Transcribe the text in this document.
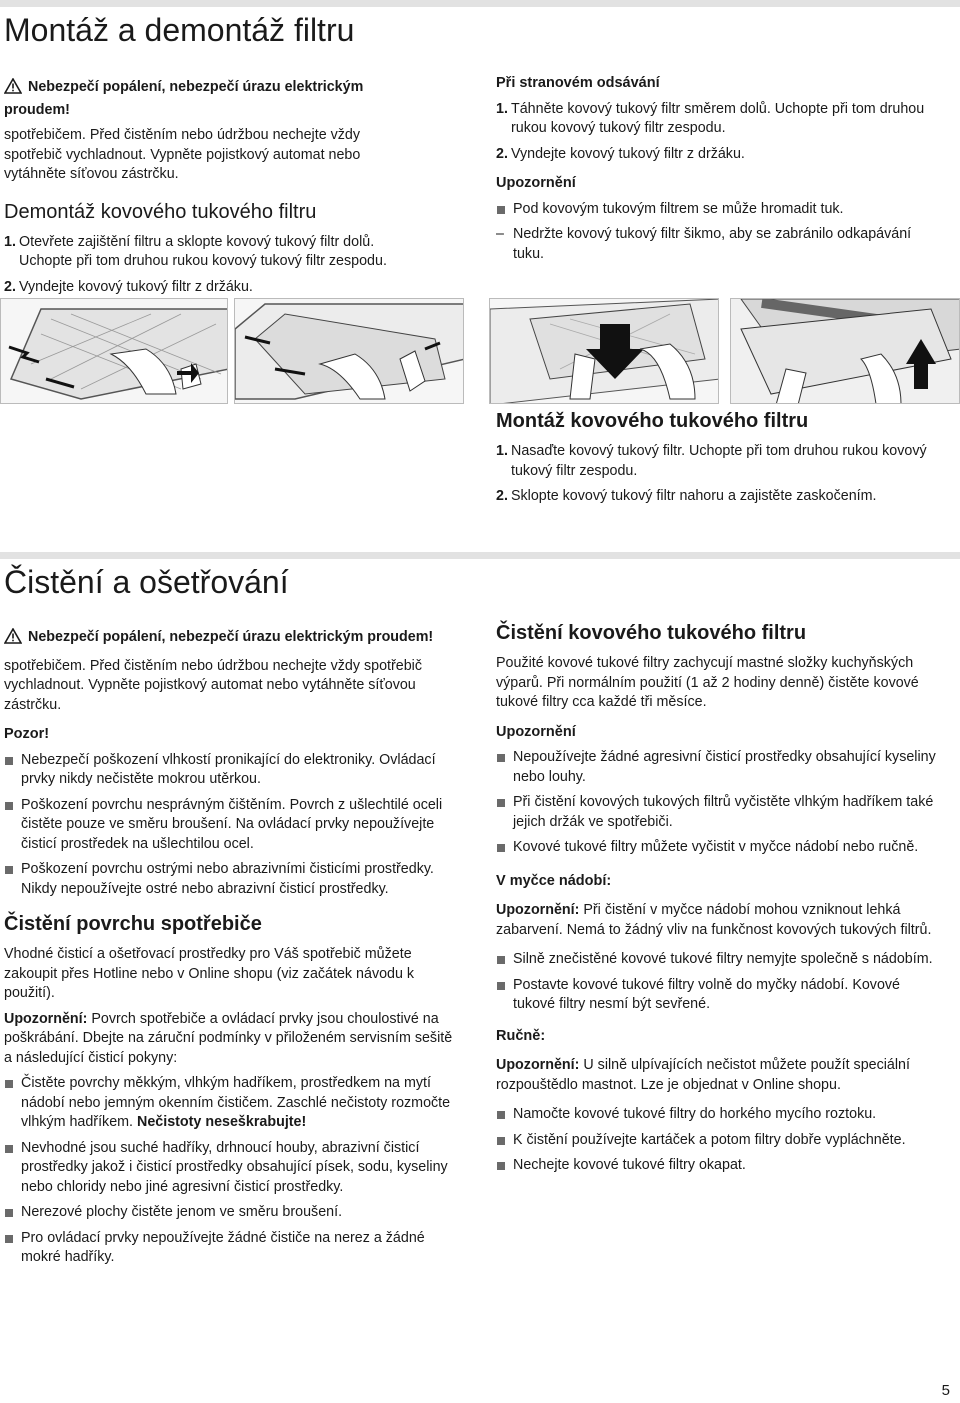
Montáž a demontáž filtru

Nebezpečí popálení, nebezpečí úrazu elektrickým proudem!

spotřebičem. Před čistěním nebo údržbou nechejte vždy spotřebič vychladnout. Vypněte pojistkový automat nebo vytáhněte síťovou zástrčku.

Demontáž kovového tukového filtru
1. Otevřete zajištění filtru a sklopte kovový tukový filtr dolů. Uchopte při tom druhou rukou kovový tukový filtr zespodu.
2. Vyndejte kovový tukový filtr z držáku.
Při stranovém odsávání
1. Táhněte kovový tukový filtr směrem dolů. Uchopte při tom druhou rukou kovový tukový filtr zespodu.
2. Vyndejte kovový tukový filtr z držáku.
Upozornění
Pod kovovým tukovým filtrem se může hromadit tuk.
– Nedržte kovový tukový filtr šikmo, aby se zabránilo odkapávání tuku.
Montáž kovového tukového filtru
1. Nasaďte kovový tukový filtr. Uchopte při tom druhou rukou kovový tukový filtr zespodu.
2. Sklopte kovový tukový filtr nahoru a zajistěte zaskočením.
Čistění a ošetřování

Nebezpečí popálení, nebezpečí úrazu elektrickým proudem!

spotřebičem. Před čistěním nebo údržbou nechejte vždy spotřebič vychladnout. Vypněte pojistkový automat nebo vytáhněte síťovou zástrčku.

Pozor!
Nebezpečí poškození vlhkostí pronikající do elektroniky. Ovládací prvky nikdy nečistěte mokrou utěrkou.
Poškození povrchu nesprávným čištěním. Povrch z ušlechtilé oceli čistěte pouze ve směru broušení. Na ovládací prvky nepoužívejte čisticí prostředek na ušlechtilou ocel.
Poškození povrchu ostrými nebo abrazivními čisticími prostředky. Nikdy nepoužívejte ostré nebo abrazivní čisticí prostředky.
Čistění povrchu spotřebiče

Vhodné čisticí a ošetřovací prostředky pro Váš spotřebič můžete zakoupit přes Hotline nebo v Online shopu (viz začátek návodu k použití).

Upozornění: Povrch spotřebiče a ovládací prvky jsou choulostivé na poškrábání. Dbejte na záruční podmínky v přiloženém servisním sešitě a následující čisticí pokyny:

Čistěte povrchy měkkým, vlhkým hadříkem, prostředkem na mytí nádobí nebo jemným okenním čističem. Zaschlé nečistoty rozmočte vlhkým hadříkem. Nečistoty neseškrabujte!
Nevhodné jsou suché hadříky, drhnoucí houby, abrazivní čisticí prostředky jakož i čisticí prostředky obsahující písek, sodu, kyseliny nebo chloridy nebo jiné agresivní čisticí prostředky.
Nerezové plochy čistěte jenom ve směru broušení.
Pro ovládací prvky nepoužívejte žádné čističe na nerez a žádné mokré hadříky.
Čistění kovového tukového filtru

Použité kovové tukové filtry zachycují mastné složky kuchyňských výparů. Při normálním použití (1 až 2 hodiny denně) čistěte kovové tukové filtry cca každé tři měsíce.

Upozornění
Nepoužívejte žádné agresivní čisticí prostředky obsahující kyseliny nebo louhy.
Při čistění kovových tukových filtrů vyčistěte vlhkým hadříkem také jejich držák ve spotřebiči.
Kovové tukové filtry můžete vyčistit v myčce nádobí nebo ručně.
V myčce nádobí:

Upozornění: Při čistění v myčce nádobí mohou vzniknout lehká zabarvení. Nemá to žádný vliv na funkčnost kovových tukových filtrů.

Silně znečistěné kovové tukové filtry nemyjte společně s nádobím.
Postavte kovové tukové filtry volně do myčky nádobí. Kovové tukové filtry nesmí být sevřené.
Ručně:

Upozornění: U silně ulpívajících nečistot můžete použít speciální rozpouštědlo mastnot. Lze je objednat v Online shopu.

Namočte kovové tukové filtry do horkého mycího roztoku.
K čistění používejte kartáček a potom filtry dobře vypláchněte.
Nechejte kovové tukové filtry okapat.
5
